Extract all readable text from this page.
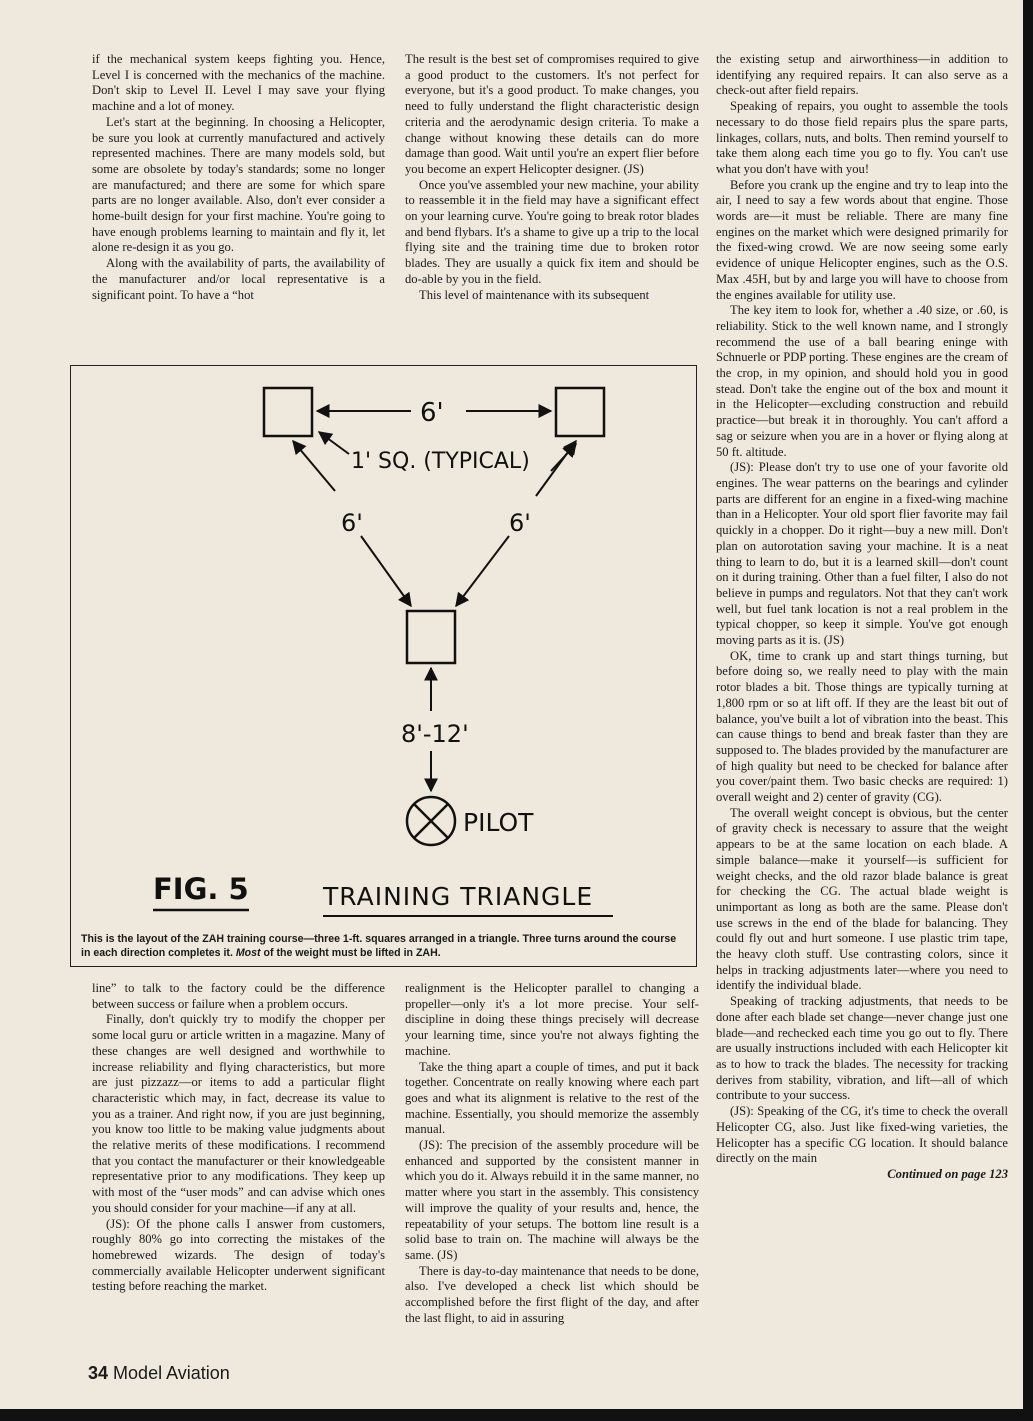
if the mechanical system keeps fighting you. Hence, Level I is concerned with the mechanics of the machine. Don't skip to Level II. Level I may save your flying machine and a lot of money.

Let's start at the beginning. In choosing a Helicopter, be sure you look at currently manufactured and actively represented machines. There are many models sold, but some are obsolete by today's standards; some no longer are manufactured; and there are some for which spare parts are no longer available. Also, don't ever consider a home-built design for your first machine. You're going to have enough problems learning to maintain and fly it, let alone re-design it as you go.

Along with the availability of parts, the availability of the manufacturer and/or local representative is a significant point. To have a “hot

The result is the best set of compromises required to give a good product to the customers. It's not perfect for everyone, but it's a good product. To make changes, you need to fully understand the flight characteristic design criteria and the aerodynamic design criteria. To make a change without knowing these details can do more damage than good. Wait until you're an expert flier before you become an expert Helicopter designer. (JS)

Once you've assembled your new machine, your ability to reassemble it in the field may have a significant effect on your learning curve. You're going to break rotor blades and bend flybars. It's a shame to give up a trip to the local flying site and the training time due to broken rotor blades. They are usually a quick fix item and should be do-able by you in the field.

This level of maintenance with its subsequent

6'
1' SQ. (TYPICAL)
6'	6'
8'-12'
PILOT
FIG. 5	TRAINING TRIANGLE
This is the layout of the ZAH training course—three 1-ft. squares arranged in a triangle. Three turns around the course in each direction completes it. Most of the weight must be lifted in ZAH.

line” to talk to the factory could be the difference between success or failure when a problem occurs.

Finally, don't quickly try to modify the chopper per some local guru or article written in a magazine. Many of these changes are well designed and worthwhile to increase reliability and flying characteristics, but more are just pizzazz—or items to add a particular flight characteristic which may, in fact, decrease its value to you as a trainer. And right now, if you are just beginning, you know too little to be making value judgments about the relative merits of these modifications. I recommend that you contact the manufacturer or their knowledgeable representative prior to any modifications. They keep up with most of the “user mods” and can advise which ones you should consider for your machine—if any at all.

(JS): Of the phone calls I answer from customers, roughly 80% go into correcting the mistakes of the homebrewed wizards. The design of today's commercially available Helicopter underwent significant testing before reaching the market.

realignment is the Helicopter parallel to changing a propeller—only it's a lot more precise. Your self-discipline in doing these things precisely will decrease your learning time, since you're not always fighting the machine.

Take the thing apart a couple of times, and put it back together. Concentrate on really knowing where each part goes and what its alignment is relative to the rest of the machine. Essentially, you should memorize the assembly manual.

(JS): The precision of the assembly procedure will be enhanced and supported by the consistent manner in which you do it. Always rebuild it in the same manner, no matter where you start in the assembly. This consistency will improve the quality of your results and, hence, the repeatability of your setups. The bottom line result is a solid base to train on. The machine will always be the same. (JS)

There is day-to-day maintenance that needs to be done, also. I've developed a check list which should be accomplished before the first flight of the day, and after the last flight, to aid in assuring

the existing setup and airworthiness—in addition to identifying any required repairs. It can also serve as a check-out after field repairs.

Speaking of repairs, you ought to assemble the tools necessary to do those field repairs plus the spare parts, linkages, collars, nuts, and bolts. Then remind yourself to take them along each time you go to fly. You can't use what you don't have with you!

Before you crank up the engine and try to leap into the air, I need to say a few words about that engine. Those words are—it must be reliable. There are many fine engines on the market which were designed primarily for the fixed-wing crowd. We are now seeing some early evidence of unique Helicopter engines, such as the O.S. Max .45H, but by and large you will have to choose from the engines available for utility use.

The key item to look for, whether a .40 size, or .60, is reliability. Stick to the well known name, and I strongly recommend the use of a ball bearing eninge with Schnuerle or PDP porting. These engines are the cream of the crop, in my opinion, and should hold you in good stead. Don't take the engine out of the box and mount it in the Helicopter—excluding construction and rebuild practice—but break it in thoroughly. You can't afford a sag or seizure when you are in a hover or flying along at 50 ft. altitude.

(JS): Please don't try to use one of your favorite old engines. The wear patterns on the bearings and cylinder parts are different for an engine in a fixed-wing machine than in a Helicopter. Your old sport flier favorite may fail quickly in a chopper. Do it right—buy a new mill. Don't plan on autorotation saving your machine. It is a neat thing to learn to do, but it is a learned skill—don't count on it during training. Other than a fuel filter, I also do not believe in pumps and regulators. Not that they can't work well, but fuel tank location is not a real problem in the typical chopper, so keep it simple. You've got enough moving parts as it is. (JS)

OK, time to crank up and start things turning, but before doing so, we really need to play with the main rotor blades a bit. Those things are typically turning at 1,800 rpm or so at lift off. If they are the least bit out of balance, you've built a lot of vibration into the beast. This can cause things to bend and break faster than they are supposed to. The blades provided by the manufacturer are of high quality but need to be checked for balance after you cover/paint them. Two basic checks are required: 1) overall weight and 2) center of gravity (CG).

The overall weight concept is obvious, but the center of gravity check is necessary to assure that the weight appears to be at the same location on each blade. A simple balance—make it yourself—is sufficient for weight checks, and the old razor blade balance is great for checking the CG. The actual blade weight is unimportant as long as both are the same. Please don't use screws in the end of the blade for balancing. They could fly out and hurt someone. I use plastic trim tape, the heavy cloth stuff. Use contrasting colors, since it helps in tracking adjustments later—where you need to identify the individual blade.

Speaking of tracking adjustments, that needs to be done after each blade set change—never change just one blade—and rechecked each time you go out to fly. There are usually instructions included with each Helicopter kit as to how to track the blades. The necessity for tracking derives from stability, vibration, and lift—all of which contribute to your success.

(JS): Speaking of the CG, it's time to check the overall Helicopter CG, also. Just like fixed-wing varieties, the Helicopter has a specific CG location. It should balance directly on the main

Continued on page 123

34 Model Aviation
